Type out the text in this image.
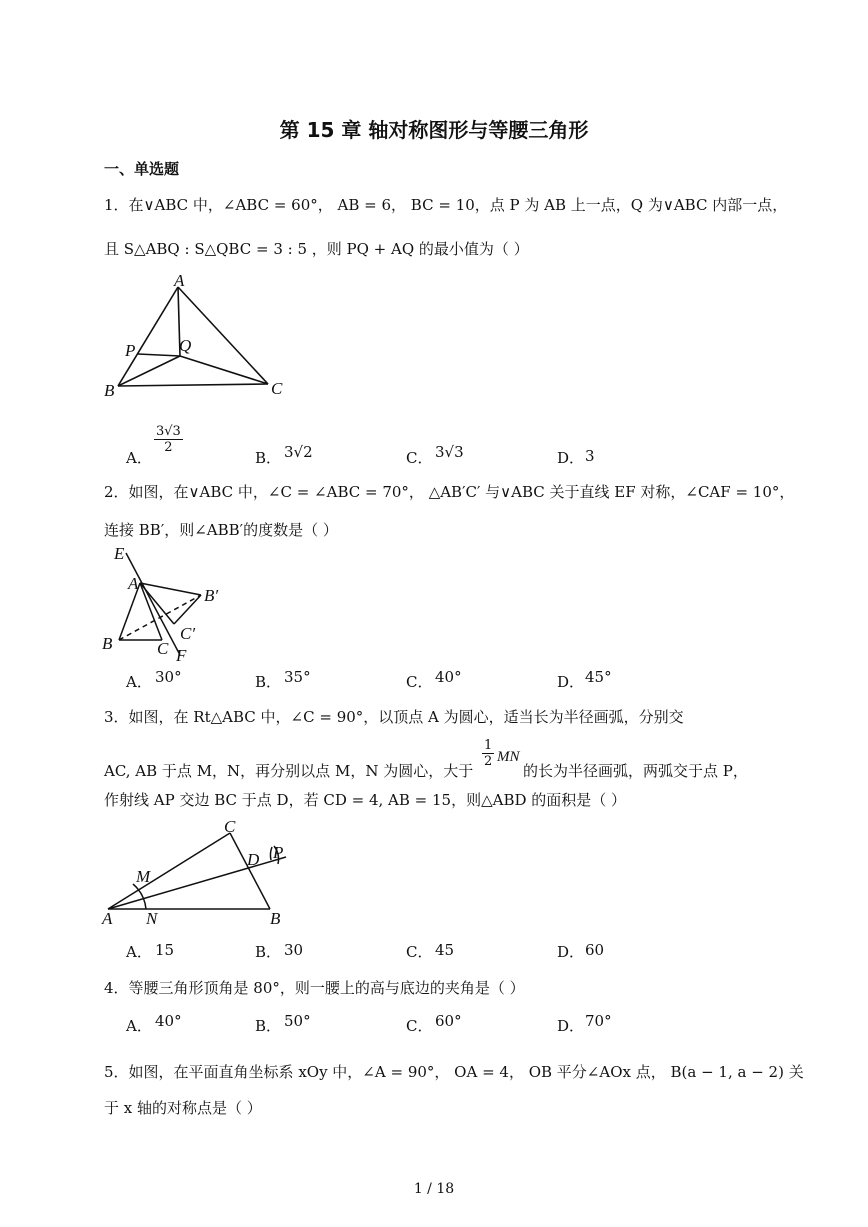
第 15 章 轴对称图形与等腰三角形
一、单选题
1．在∨ABC 中，∠ABC = 60°， AB = 6， BC = 10，点 P 为 AB 上一点，Q 为∨ABC 内部一点，
且 S△ABQ : S△QBC = 3 : 5 ，则 PQ + AQ 的最小值为（ ）
A
B	C
P	Q
A．
$\frac{3√3}{2}$
B． 3√2	C． 3√3	D． 3
2．如图，在∨ABC 中，∠C = ∠ABC = 70°， △AB′C′ 与∨ABC 关于直线 EF 对称，∠CAF = 10°，
连接 BB′，则∠ABB′的度数是（ ）
E
A
B	C
B′
C′
F
A． 30°	B． 35°	C． 40°	D． 45°
3．如图，在 Rt△ABC 中，∠C = 90°，以顶点 A 为圆心，适当长为半径画弧，分别交
AC, AB 于点 M，N，再分别以点 M，N 为圆心，大于
$\frac{1}{2}$ MN
的长为半径画弧，两弧交于点 P，
作射线 AP 交边 BC 于点 D，若 CD = 4, AB = 15，则△ABD 的面积是（ ）
C
D P
M
A N	B
A． 15	B． 30	C． 45	D． 60
4．等腰三角形顶角是 80°，则一腰上的高与底边的夹角是（ ）
A． 40°	B． 50°	C． 60°	D． 70°
5．如图，在平面直角坐标系 xOy 中，∠A = 90°， OA = 4， OB 平分∠AOx 点， B(a − 1, a − 2) 关
于 x 轴的对称点是（ ）
1 / 18
